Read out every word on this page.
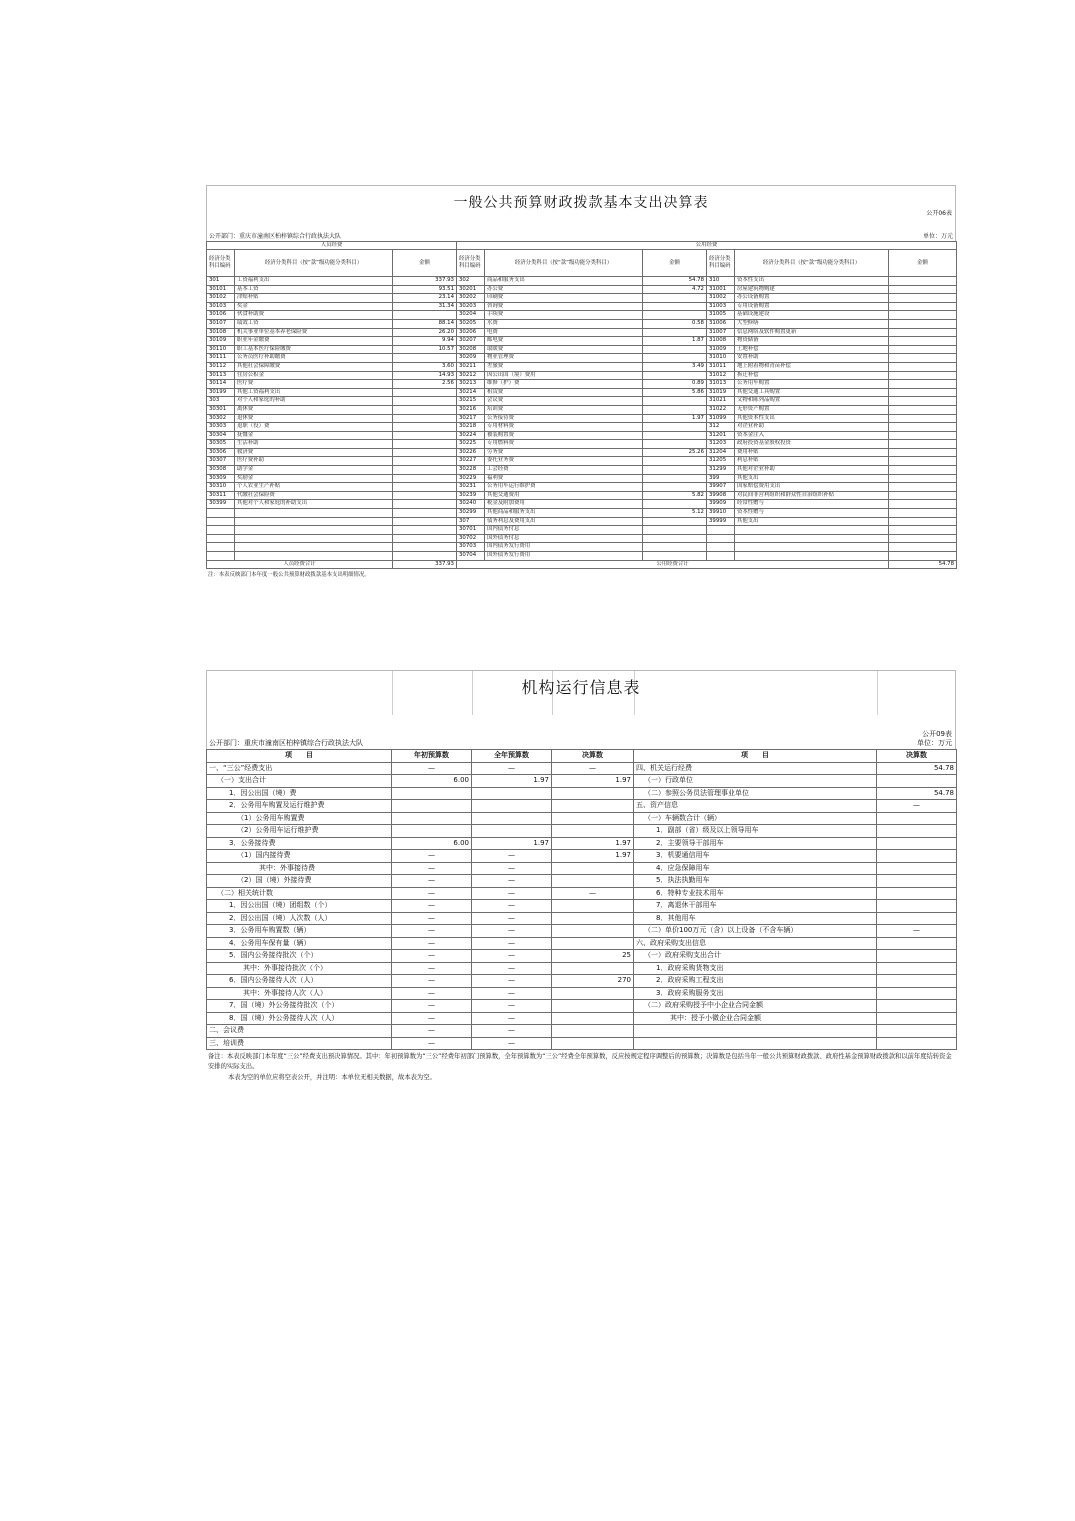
一般公共预算财政拨款基本支出决算表
公开06表
公开部门：重庆市潼南区柏梓镇综合行政执法大队	单位：万元
人员经费			公用经费					
经济分类科目编码	经济分类科目（按“款”级功能分类科目）	金额	经济分类科目编码	经济分类科目（按“款”级功能分类科目）	金额	经济分类科目编码	经济分类科目（按“款”级功能分类科目）	金额
301	工资福利支出	337.93	302	商品和服务支出	54.78	310	资本性支出	
30101	基本工资	93.51	30201	办公费	4.72	31001	房屋建筑物购建	
30102	津贴补贴	23.14	30202	印刷费		31002	办公设备购置	
30103	奖金	31.34	30203	咨询费		31003	专用设备购置	
30106	伙食补助费		30204	手续费		31005	基础设施建设	
30107	绩效工资	88.14	30205	水费	0.58	31006	大型修缮	
30108	机关事业单位基本养老保险费	26.20	30206	电费		31007	信息网络及软件购置更新	
30109	职业年金缴费	9.94	30207	邮电费	1.87	31008	物资储备	
30110	职工基本医疗保险缴费	10.57	30208	取暖费		31009	土地补偿	
30111	公务员医疗补助缴费		30209	物业管理费		31010	安置补助	
30112	其他社会保障缴费	3.60	30211	差旅费	3.49	31011	地上附着物和青苗补偿	
30113	住房公积金	14.93	30212	因公出国（境）费用		31012	拆迁补偿	
30114	医疗费	2.56	30213	维修（护）费	0.89	31013	公务用车购置	
30199	其他工资福利支出		30214	租赁费	5.86	31019	其他交通工具购置	
303	对个人和家庭的补助		30215	会议费		31021	文物和陈列品购置	
30301	离休费		30216	培训费		31022	无形资产购置	
30302	退休费		30217	公务接待费	1.97	31099	其他资本性支出	
30303	退职（役）费		30218	专用材料费		312	对企业补助	
30304	抚恤金		30224	被装购置费		31201	资本金注入	
30305	生活补助		30225	专用燃料费		31203	政府投资基金股权投资	
30306	救济费		30226	劳务费	25.26	31204	费用补贴	
30307	医疗费补助		30227	委托业务费		31205	利息补贴	
30308	助学金		30228	工会经费		31299	其他对企业补助	
30309	奖励金		30229	福利费		399	其他支出	
30310	个人农业生产补贴		30231	公务用车运行维护费		39907	国家赔偿费用支出	
30311	代缴社会保险费		30239	其他交通费用	5.82	39908	对民间非营利组织和群众性自治组织补贴	
30399	其他对个人和家庭的补助支出		30240	税金及附加费用		39909	经常性赠与	
			30299	其他商品和服务支出	5.12	39910	资本性赠与	
			307	债务利息及费用支出		39999	其他支出	
			30701	国内债务付息				
			30702	国外债务付息				
			30703	国内债务发行费用				
			30704	国外债务发行费用				
人员经费合计		337.93	公用经费合计					54.78
注：本表反映部门本年度一般公共预算财政拨款基本支出明细情况。
机构运行信息表
公开09表
公开部门：重庆市潼南区柏梓镇综合行政执法大队	单位：万元
项　　目	年初预算数	全年预算数	决算数	项　　目	决算数
一、“三公”经费支出	—	—	—	四、机关运行经费	54.78
（一）支出合计	6.00	1.97	1.97	（一）行政单位	
1．因公出国（境）费				（二）参照公务员法管理事业单位	54.78
2．公务用车购置及运行维护费				五、资产信息	—
（1）公务用车购置费				（一）车辆数合计（辆）	
（2）公务用车运行维护费				1．副部（省）级及以上领导用车	
3．公务接待费	6.00	1.97	1.97	2．主要领导干部用车	
（1）国内接待费	—	—	1.97	3．机要通信用车	
其中：外事接待费	—	—		4．应急保障用车	
（2）国（境）外接待费	—	—		5．执法执勤用车	
（二）相关统计数	—	—	—	6．特种专业技术用车	
1．因公出国（境）团组数（个）	—	—		7．离退休干部用车	
2．因公出国（境）人次数（人）	—	—		8．其他用车	
3．公务用车购置数（辆）	—	—		（二）单价100万元（含）以上设备（不含车辆）	—
4．公务用车保有量（辆）	—	—		六、政府采购支出信息	
5．国内公务接待批次（个）	—	—	25	（一）政府采购支出合计	
其中：外事接待批次（个）	—	—		1．政府采购货物支出	
6．国内公务接待人次（人）	—	—	270	2．政府采购工程支出	
其中：外事接待人次（人）	—	—		3．政府采购服务支出	
7．国（境）外公务接待批次（个）	—	—		（二）政府采购授予中小企业合同金额	
8．国（境）外公务接待人次（人）	—	—		其中：授予小微企业合同金额	
二、会议费	—	—			
三、培训费	—	—			
备注：本表反映部门本年度“三公”经费支出预决算情况。其中：年初预算数为“三公”经费年初部门预算数，全年预算数为“三公”经费全年预算数，反应按规定程序调整后的预算数；决算数是包括当年一般公共预算财政拨款、政府性基金预算财政拨款和以前年度结转资金安排的实际支出。
本表为空的单位应将空表公开，并注明：本单位无相关数据，故本表为空。
